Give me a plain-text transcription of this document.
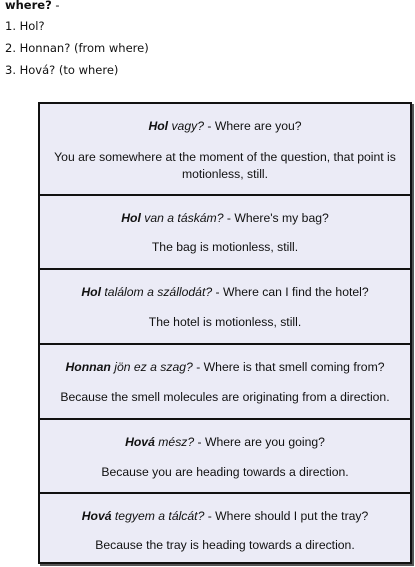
where? -
1. Hol?
2. Honnan? (from where)
3. Hová? (to where)
Hol vagy? - Where are you?
You are somewhere at the moment of the question, that point is motionless, still.
Hol van a táskám? - Where's my bag?
The bag is motionless, still.
Hol találom a szállodát? - Where can I find the hotel?
The hotel is motionless, still.
Honnan jön ez a szag? - Where is that smell coming from?
Because the smell molecules are originating from a direction.
Hová mész? - Where are you going?
Because you are heading towards a direction.
Hová tegyem a tálcát? - Where should I put the tray?
Because the tray is heading towards a direction.
